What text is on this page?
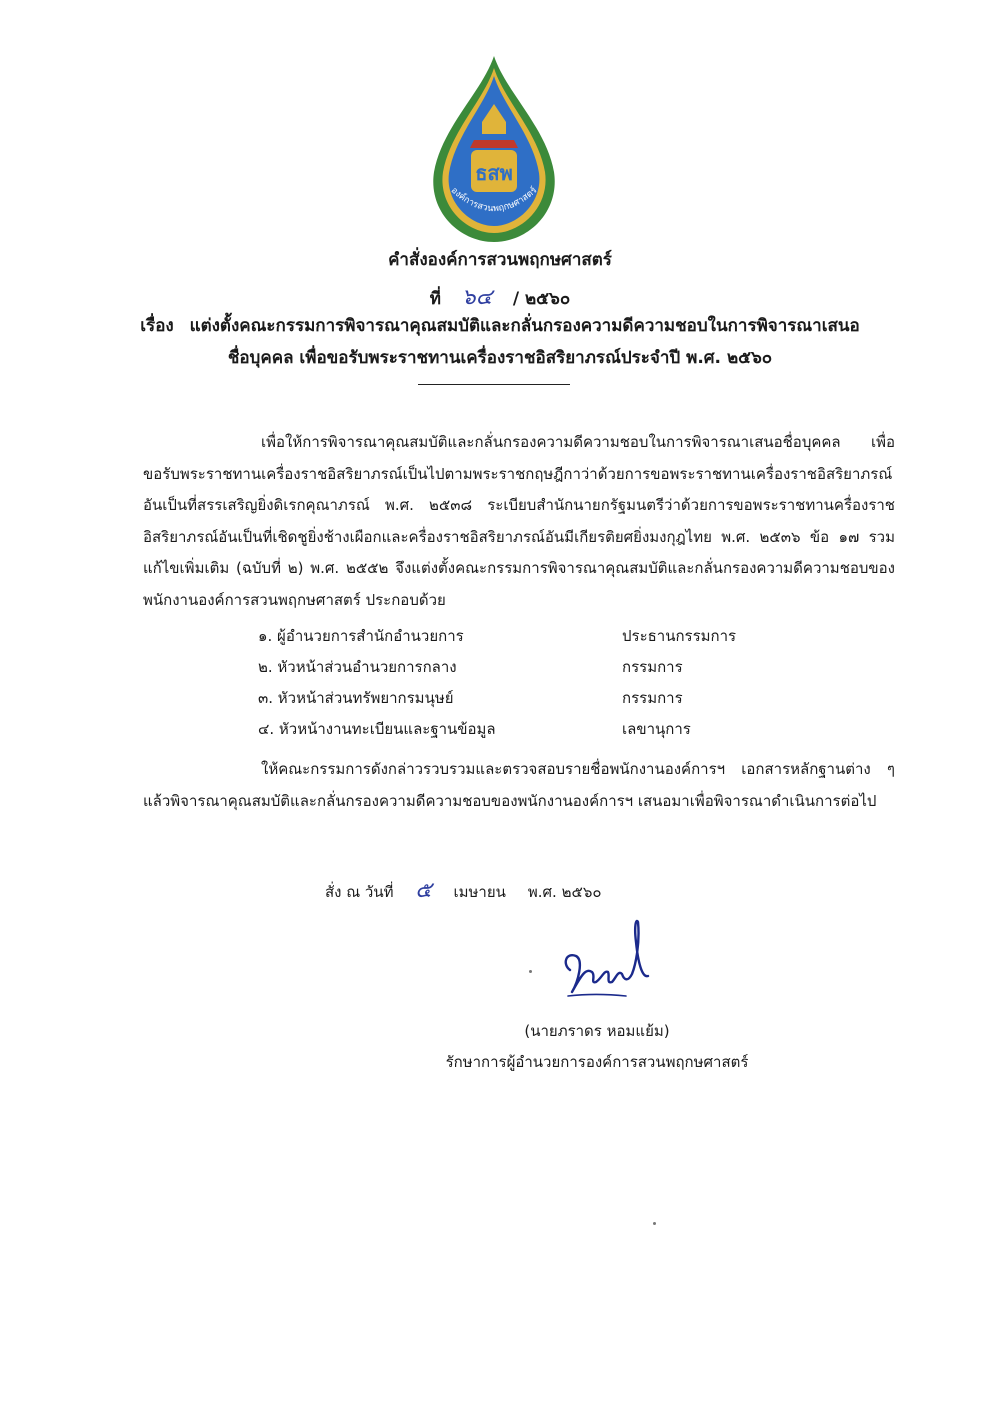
ธสพ
องค์การสวนพฤกษศาสตร์
คำสั่งองค์การสวนพฤกษศาสตร์
ที่ ๖๔ / ๒๕๖๐
เรื่อง แต่งตั้งคณะกรรมการพิจารณาคุณสมบัติและกลั่นกรองความดีความชอบในการพิจารณาเสนอ
ชื่อบุคคล เพื่อขอรับพระราชทานเครื่องราชอิสริยาภรณ์ประจำปี พ.ศ. ๒๕๖๐

เพื่อให้การพิจารณาคุณสมบัติและกลั่นกรองความดีความชอบในการพิจารณาเสนอชื่อบุคคล เพื่อขอรับพระราชทานเครื่องราชอิสริยาภรณ์เป็นไปตามพระราชกฤษฎีกาว่าด้วยการขอพระราชทานเครื่องราชอิสริยาภรณ์อันเป็นที่สรรเสริญยิ่งดิเรกคุณาภรณ์ พ.ศ. ๒๕๓๘ ระเบียบสำนักนายกรัฐมนตรีว่าด้วยการขอพระราชทานครื่องราชอิสริยาภรณ์อันเป็นที่เชิดชูยิ่งช้างเผือกและครื่องราชอิสริยาภรณ์อันมีเกียรติยศยิ่งมงกุฎไทย พ.ศ. ๒๕๓๖ ข้อ ๑๗ รวมแก้ไขเพิ่มเติม (ฉบับที่ ๒) พ.ศ. ๒๕๕๒ จึงแต่งตั้งคณะกรรมการพิจารณาคุณสมบัติและกลั่นกรองความดีความชอบของพนักงานองค์การสวนพฤกษศาสตร์ ประกอบด้วย

๑. ผู้อำนวยการสำนักอำนวยการ	ประธานกรรมการ
๒. หัวหน้าส่วนอำนวยการกลาง	กรรมการ
๓. หัวหน้าส่วนทรัพยากรมนุษย์	กรรมการ
๔. หัวหน้างานทะเบียนและฐานข้อมูล	เลขานุการ

ให้คณะกรรมการดังกล่าวรวบรวมและตรวจสอบรายชื่อพนักงานองค์การฯ เอกสารหลักฐานต่าง ๆ แล้วพิจารณาคุณสมบัติและกลั่นกรองความดีความชอบของพนักงานองค์การฯ เสนอมาเพื่อพิจารณาดำเนินการต่อไป

สั่ง ณ วันที่ ๕	เมษายน พ.ศ. ๒๕๖๐
(นายภราดร หอมแย้ม)
รักษาการผู้อำนวยการองค์การสวนพฤกษศาสตร์
